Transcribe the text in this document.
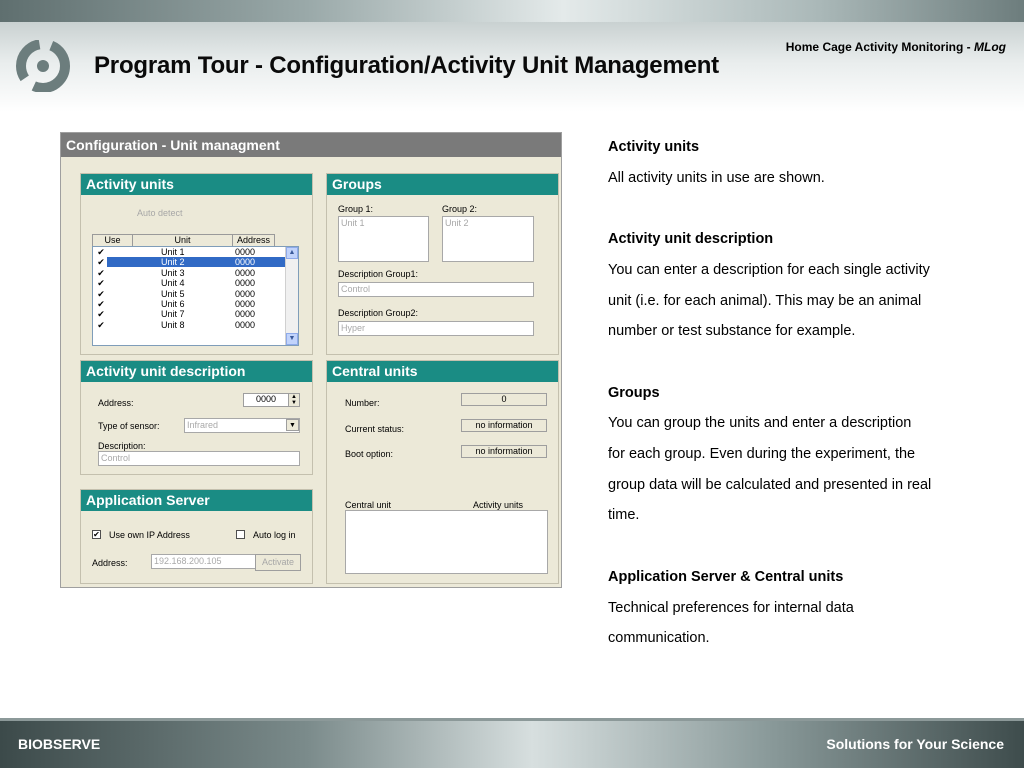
Home Cage Activity Monitoring - MLog
Program Tour - Configuration/Activity Unit Management
Configuration - Unit managment
Activity units
Auto detect
Use	Unit	Address
✔	Unit 1	0000
✔	Unit 2	0000
✔	Unit 3	0000
✔	Unit 4	0000
✔	Unit 5	0000
✔	Unit 6	0000
✔	Unit 7	0000
✔	Unit 8	0000
▲
▼
Groups
Group 1:	Group 2:
Unit 1	Unit 2
Description Group1:
Control
Description Group2:
Hyper
Activity unit description
Address:	0000	▲
▼
Type of sensor:	Infrared	▼
Description:
Control
Central units
Number:	0
Current status:	no information
Boot option:	no information
Central unit	Activity units
Application Server
✔ Use own IP Address	Auto log in
Address:	192.168.200.105	Activate
Activity units
All activity units in use are shown.
Activity unit description
You can enter a description for each single activity
unit (i.e. for each animal). This may be an animal
number or test substance for example.
Groups
You can group the units and enter a description
for each group. Even during the experiment, the
group data will be calculated and presented in real
time.
Application Server & Central units
Technical preferences for internal data
communication.
BIOBSERVE	Solutions for Your Science
